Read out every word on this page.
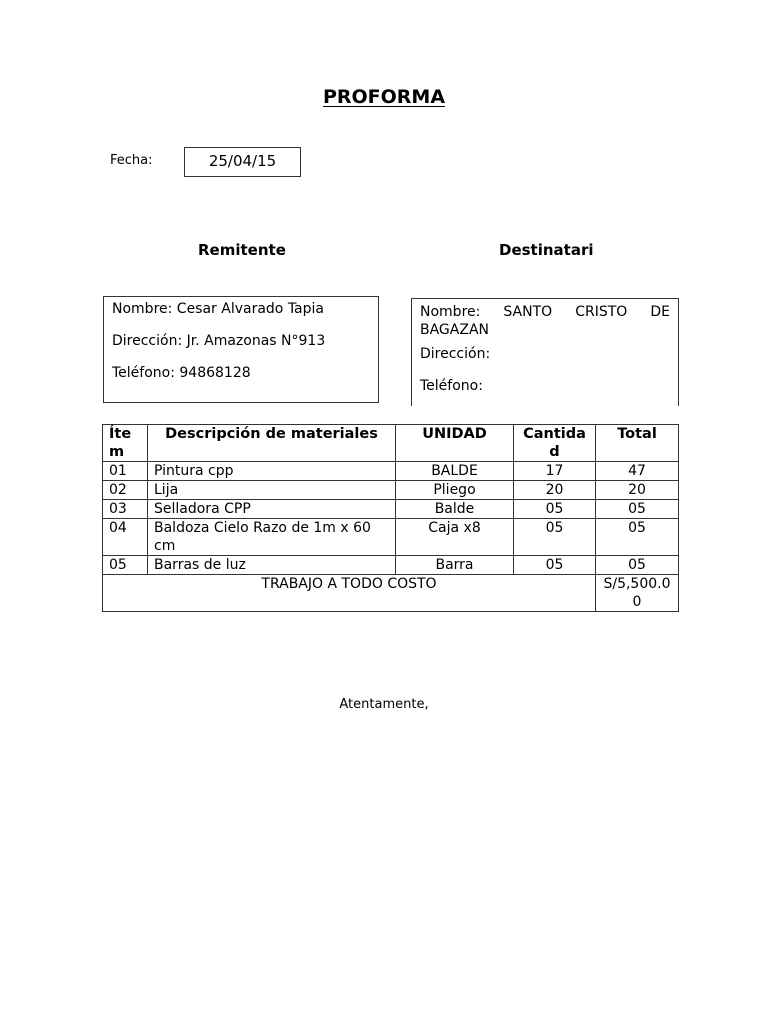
PROFORMA
Fecha:	25/04/15
Remitente	Destinatari
Nombre: Cesar Alvarado Tapia
Dirección: Jr. Amazonas N°913
Teléfono: 94868128
Nombre: SANTO CRISTO DE
BAGAZAN
Dirección:
Teléfono:
Ítem	Descripción de materiales	UNIDAD	Cantidad	Total
01	Pintura cpp	BALDE	17	47
02	Lija	Pliego	20	20
03	Selladora CPP	Balde	05	05
04	Baldoza Cielo Razo de 1m x 60 cm	Caja x8	05	05
05	Barras de luz	Barra	05	05
TRABAJO A TODO COSTO				S/5,500.00
Atentamente,
